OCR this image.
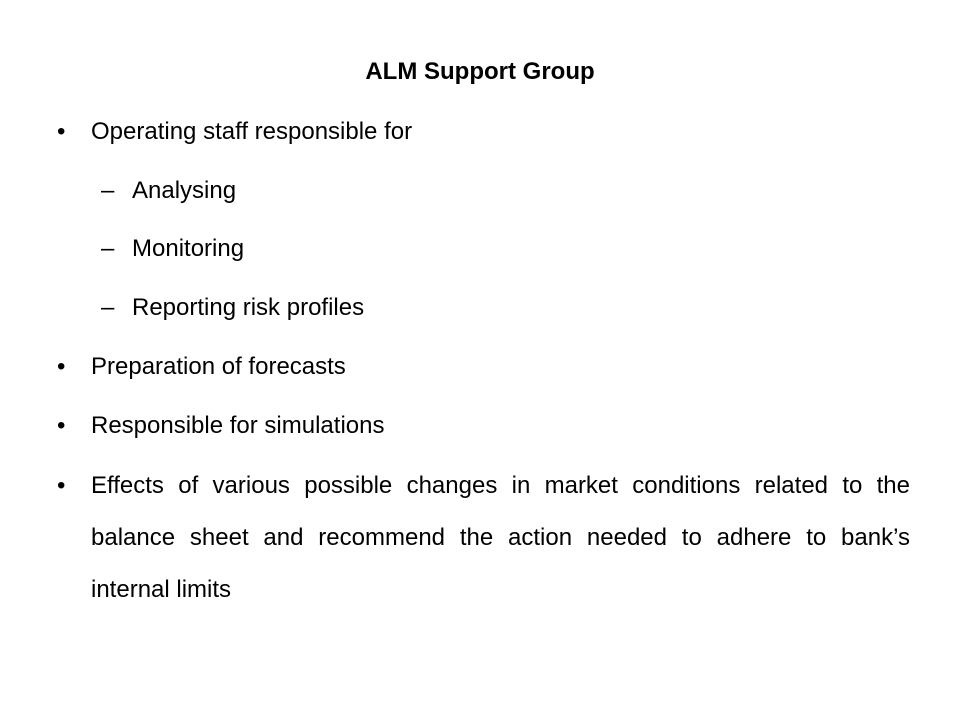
ALM Support Group
• Operating staff responsible for
– Analysing
– Monitoring
– Reporting risk profiles
• Preparation of forecasts
• Responsible for simulations
• Effects of various possible changes in market conditions related to the balance sheet and recommend the action needed to adhere to bank’s internal limits
